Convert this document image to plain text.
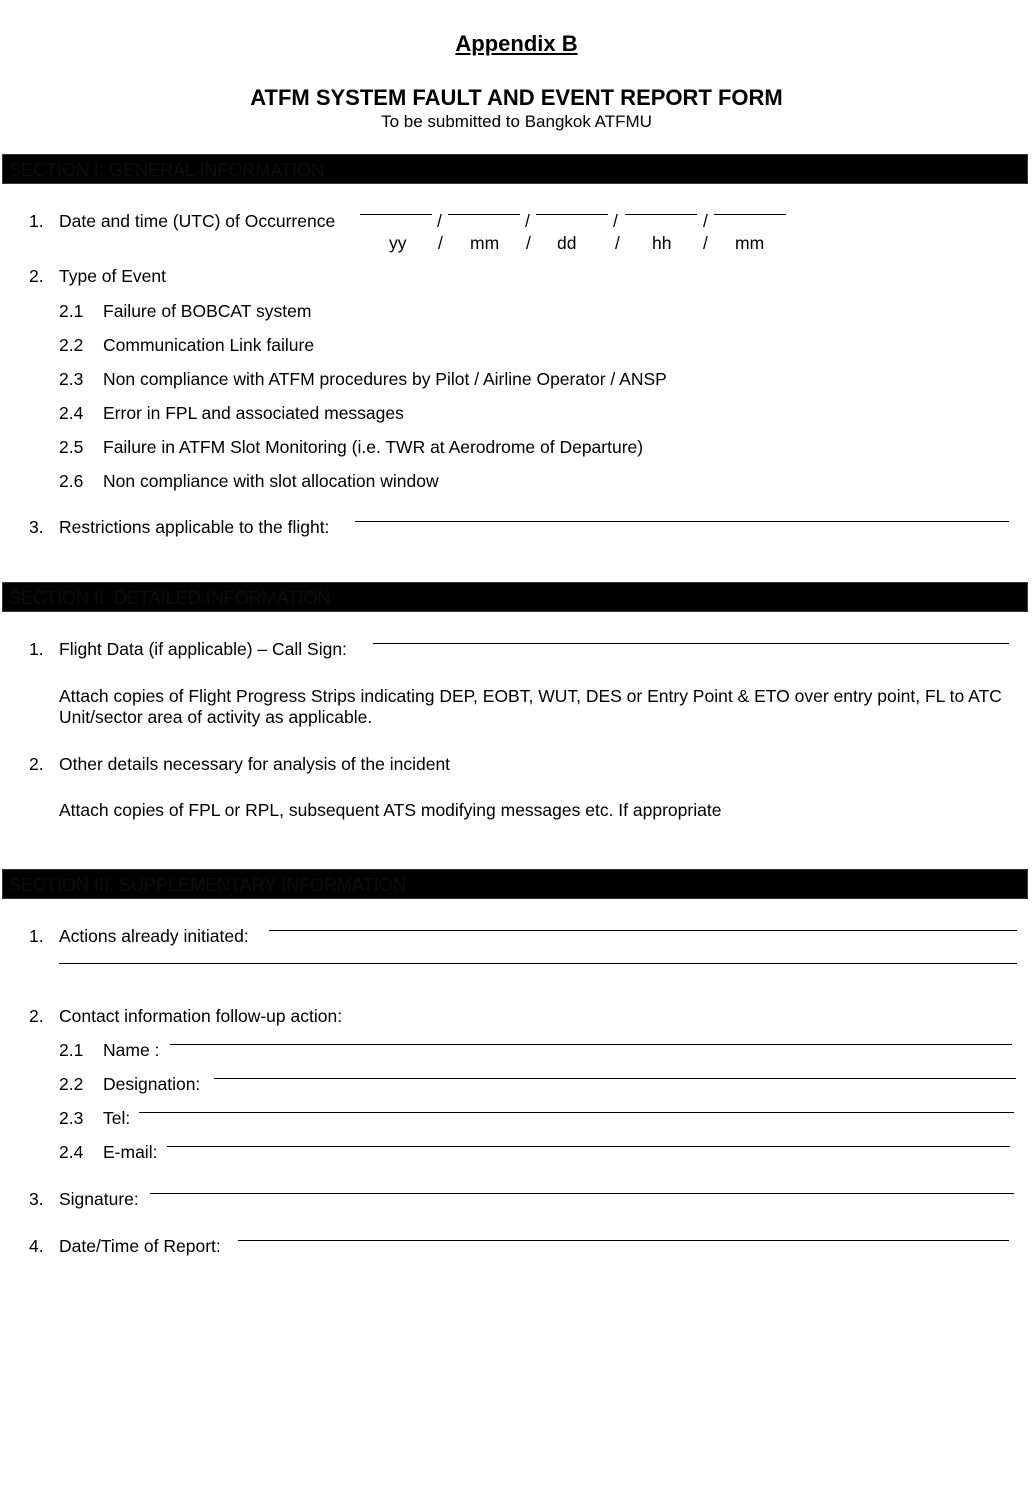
Appendix B
ATFM SYSTEM FAULT AND EVENT REPORT FORM
To be submitted to Bangkok ATFMU
SECTION I: GENERAL INFORMATION
1. Date and time (UTC) of Occurrence	/	/	/	/
yy / mm / dd / hh / mm
2. Type of Event
2.1 Failure of BOBCAT system
2.2 Communication Link failure
2.3 Non compliance with ATFM procedures by Pilot / Airline Operator / ANSP
2.4 Error in FPL and associated messages
2.5 Failure in ATFM Slot Monitoring (i.e. TWR at Aerodrome of Departure)
2.6 Non compliance with slot allocation window
3. Restrictions applicable to the flight:
SECTION II: DETAILED INFORMATION
1. Flight Data (if applicable) – Call Sign:
Attach copies of Flight Progress Strips indicating DEP, EOBT, WUT, DES or Entry Point & ETO over entry point, FL to ATC Unit/sector area of activity as applicable.
2. Other details necessary for analysis of the incident
Attach copies of FPL or RPL, subsequent ATS modifying messages etc. If appropriate
SECTION III: SUPPLEMENTARY INFORMATION
1. Actions already initiated:
2. Contact information follow-up action:
2.1 Name :
2.2 Designation:
2.3 Tel:
2.4 E-mail:
3. Signature:
4. Date/Time of Report:
